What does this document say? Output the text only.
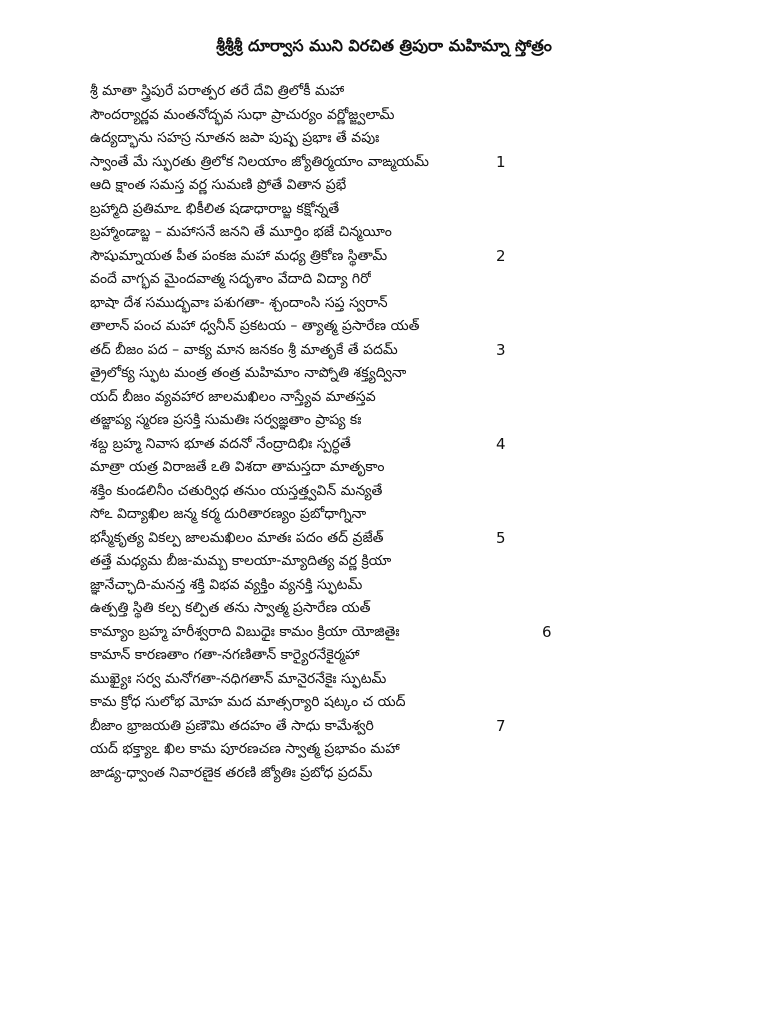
శ్రీశ్రీశ్రీ దూర్వాస ముని విరచిత త్రిపురా మహిమ్నా స్తోత్రం
శ్రీ మాతా స్త్రిపురే పరాత్పర తరే దేవి త్రిలోకీ మహా
సౌందర్యార్ణవ మంతనోద్భవ సుధా ప్రాచుర్యం వర్ణోజ్జ్వలామ్
ఉద్యద్భాను సహస్ర నూతన జపా పుష్ప ప్రభాః తే వపుః
స్వాంతే మే స్ఫురతు త్రిలోక నిలయాం జ్యోతిర్మయాం వాఙ్మయమ్	1
ఆది క్షాంత సమస్త వర్ణ సుమణి ప్రోతే వితాన ప్రభే
బ్రహ్మాది ప్రతిమాఽ భికీలిత షడాధారాబ్జ కక్షోన్నతే
బ్రహ్మాండాబ్జ – మహాసనే జనని తే మూర్తిం భజే చిన్మయీం
సౌషుమ్నాయత పీత పంకజ మహా మధ్య త్రికోణ స్థితామ్	2
వందే వాగ్భవ మైందవాత్మ సదృశాం వేదాది విద్యా గిరో
భాషా దేశ సముద్భవాః పశుగతా- శ్చందాంసి సప్త స్వరాన్
తాలాన్ పంచ మహా ధ్వనీన్ ప్రకటయ – త్యాత్మ ప్రసారేణ యత్
తద్ బీజం పద – వాక్య మాన జనకం శ్రీ మాతృకే తే పదమ్	3
త్రైలోక్య స్ఫుట మంత్ర తంత్ర మహిమాం నాప్నోతి శక్త్యద్వినా
యద్ బీజం వ్యవహార జాలమఖిలం నాస్త్యేవ మాతస్తవ
తజ్జాప్య స్మరణ ప్రసక్తి సుమతిః సర్వజ్ఞతాం ప్రాప్య కః
శబ్ద బ్రహ్మ నివాస భూత వదనో నేంద్రాదిభిః స్పర్ధతే	4
మాత్రా యత్ర విరాజతే ఽతి విశదా తామస్తదా మాతృకాం
శక్తిం కుండలినీం చతుర్విధ తనుం యస్తత్త్వవిన్ మన్యతే
సోఽ విద్యాఖిల జన్మ కర్మ దురితారణ్యం ప్రబోధాగ్నినా
భస్మీకృత్య వికల్ప జాలమఖిలం మాతః పదం తద్ వ్రజేత్	5
తత్తే మధ్యమ బీజ-మమ్బ కాలయా-మ్యాదిత్య వర్ణ క్రియా
జ్ఞానేచ్ఛాది-మనన్త శక్తి విభవ వ్యక్తిం వ్యనక్తి స్ఫుటమ్
ఉత్పత్తి స్థితి కల్ప కల్పిత తను స్వాత్మ ప్రసారేణ యత్
కామ్యాం బ్రహ్మ హరీశ్వరాది విబుధైః కామం క్రియా యోజితైః	6
కామాన్ కారణతాం గతా-నగణితాన్ కార్యైరనేకైర్మహా
ముఖ్యైః సర్వ మనోగతా-నధిగతాన్ మానైరనేకైః స్ఫుటమ్
కామ క్రోధ సులోభ మోహ మద మాత్సర్యారి షట్కం చ యద్
బీజాం భ్రాజయతి ప్రణౌమి తదహం తే సాధు కామేశ్వరి	7
యద్ భక్త్యాఽ ఖిల కామ పూరణచణ స్వాత్మ ప్రభావం మహా
జాడ్య-ధ్వాంత నివారణైక తరణి జ్యోతిః ప్రబోధ ప్రదమ్
